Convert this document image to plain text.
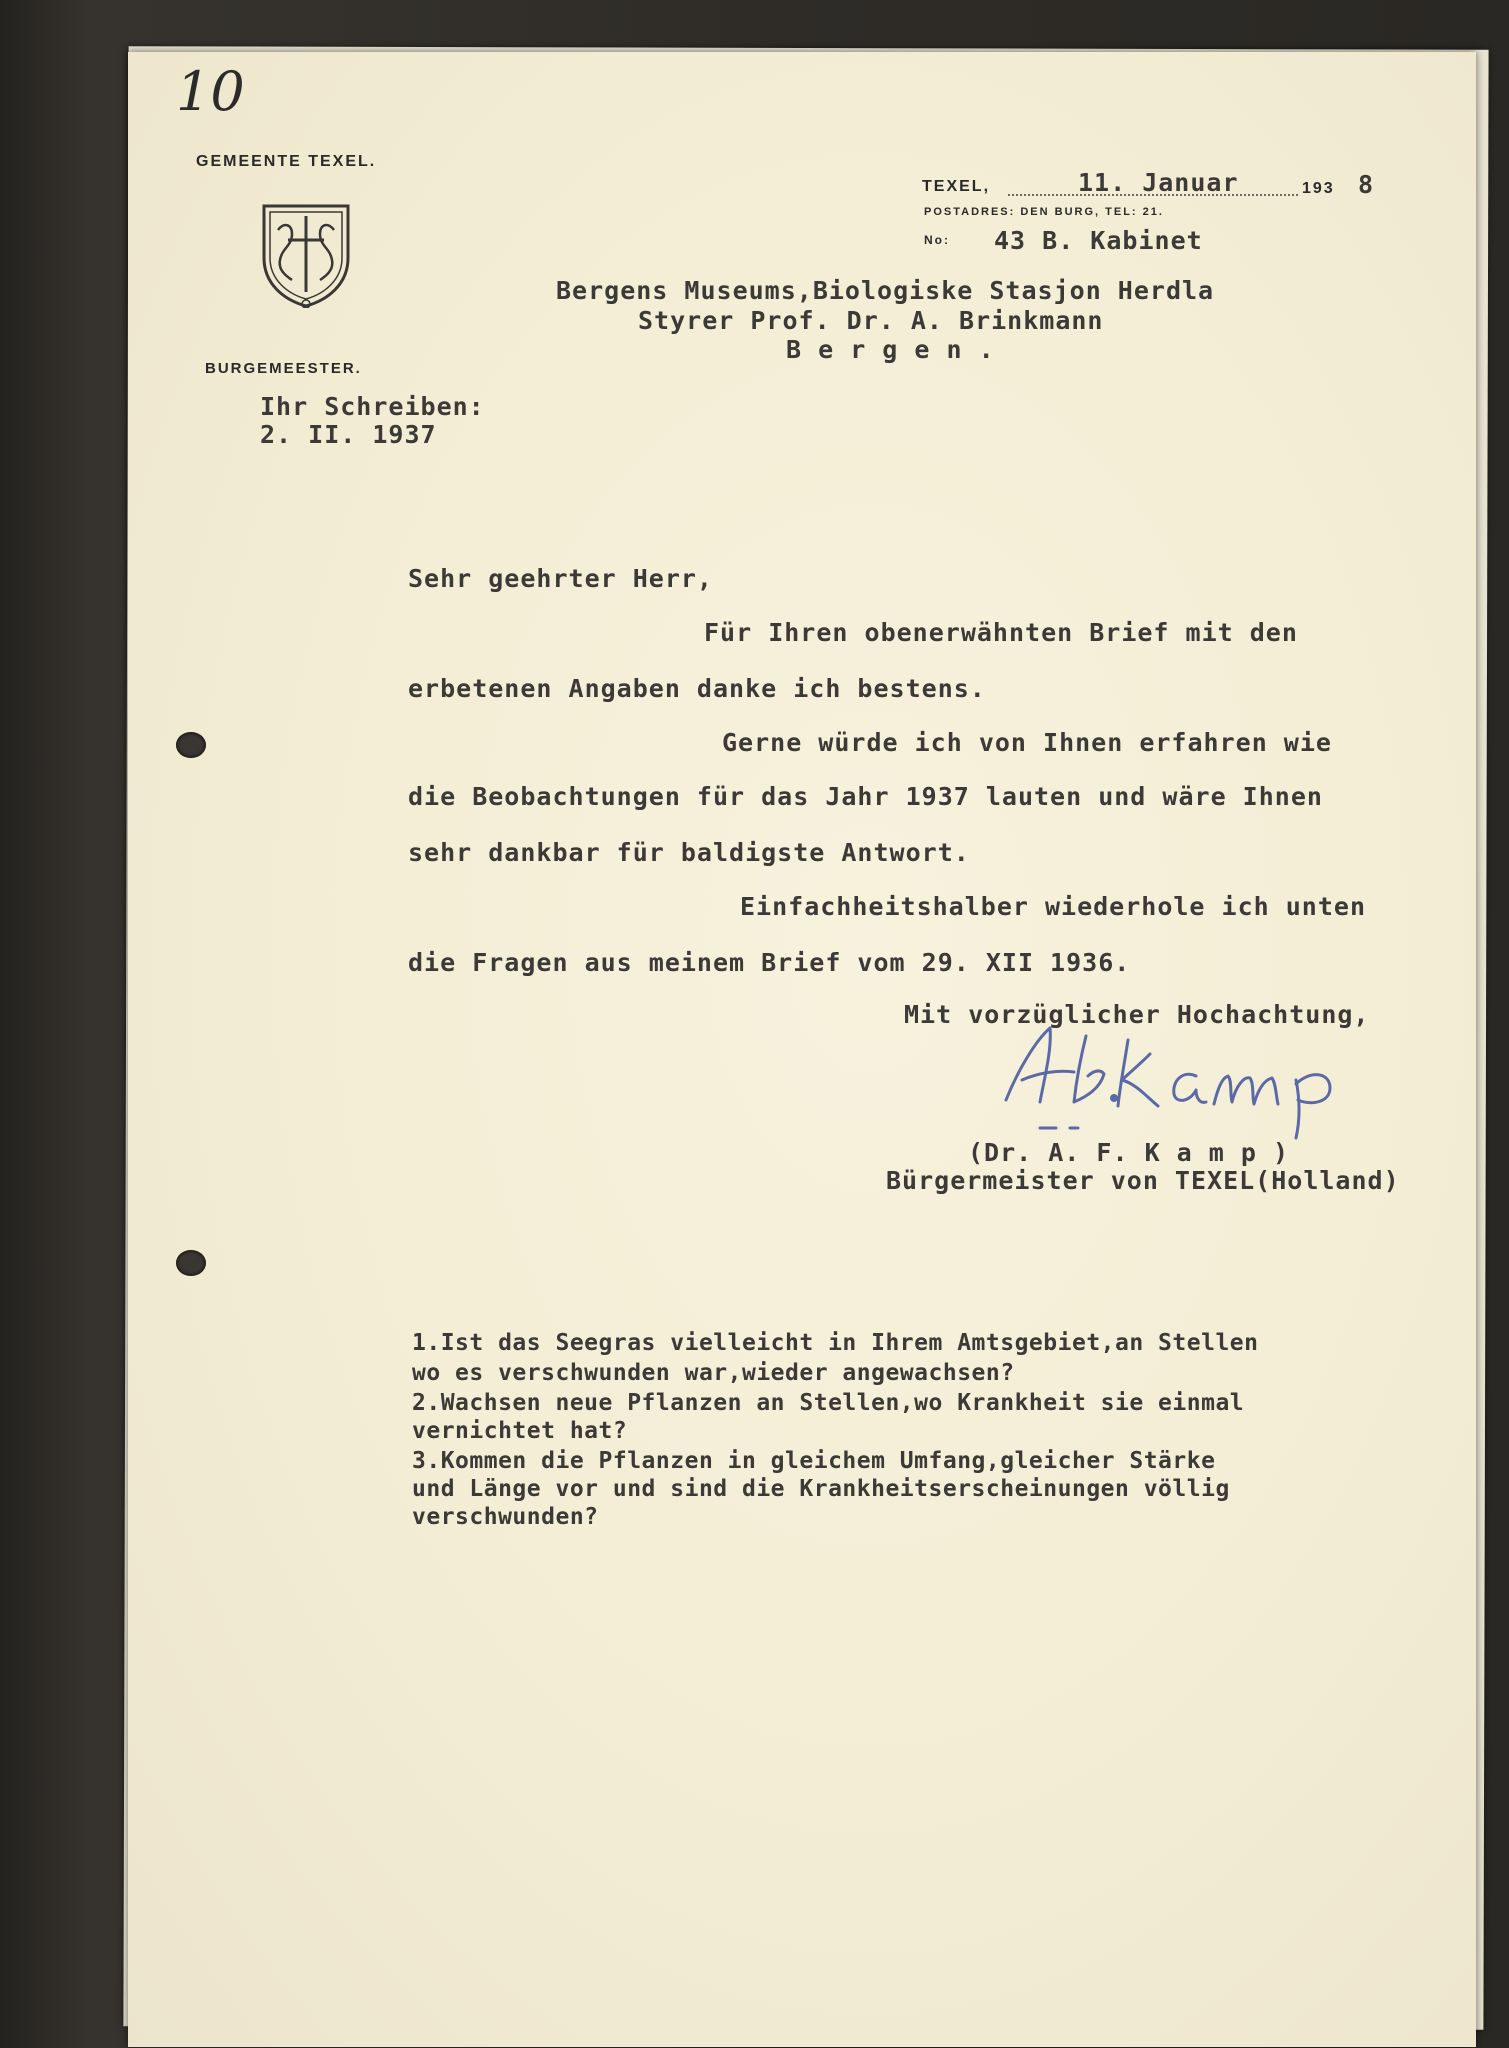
10
GEMEENTE TEXEL.
BURGEMEESTER.
TEXEL,	11. Januar	193 8
POSTADRES: DEN BURG, TEL: 21.
No: 43 B. Kabinet
Bergens Museums,Biologiske Stasjon Herdla
Styrer Prof. Dr. A. Brinkmann
B e r g e n .
Ihr Schreiben:
2. II. 1937
Sehr geehrter Herr,
Für Ihren obenerwähnten Brief mit den
erbetenen Angaben danke ich bestens.
Gerne würde ich von Ihnen erfahren wie
die Beobachtungen für das Jahr 1937 lauten und wäre Ihnen
sehr dankbar für baldigste Antwort.
Einfachheitshalber wiederhole ich unten
die Fragen aus meinem Brief vom 29. XII 1936.
Mit vorzüglicher Hochachtung,
(Dr. A. F. K a m p )
Bürgermeister von TEXEL(Holland)
1.Ist das Seegras vielleicht in Ihrem Amtsgebiet,an Stellen
wo es verschwunden war,wieder angewachsen?
2.Wachsen neue Pflanzen an Stellen,wo Krankheit sie einmal
vernichtet hat?
3.Kommen die Pflanzen in gleichem Umfang,gleicher Stärke
und Länge vor und sind die Krankheitserscheinungen völlig
verschwunden?
